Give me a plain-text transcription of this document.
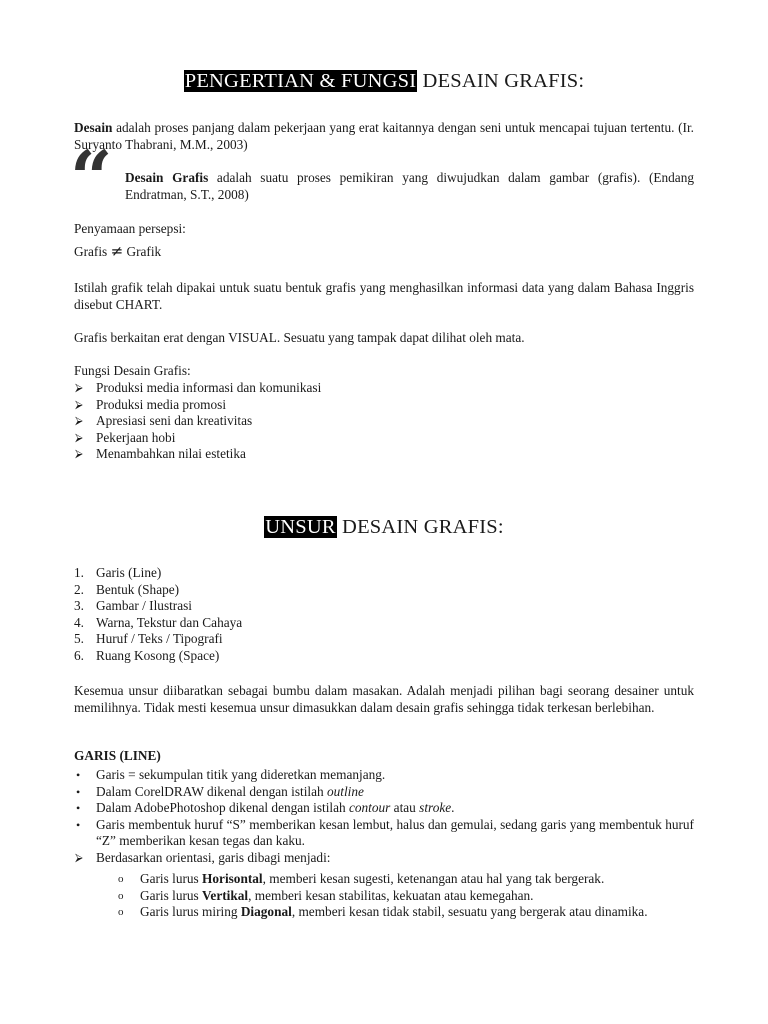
PENGERTIAN & FUNGSI DESAIN GRAFIS:

Desain adalah proses panjang dalam pekerjaan yang erat kaitannya dengan seni untuk mencapai tujuan tertentu. (Ir. Suryanto Thabrani, M.M., 2003)

“ Desain Grafis adalah suatu proses pemikiran yang diwujudkan dalam gambar (grafis). (Endang Endratman, S.T., 2008)

Penyamaan persepsi:

Grafis ≠ Grafik

Istilah grafik telah dipakai untuk suatu bentuk grafis yang menghasilkan informasi data yang dalam Bahasa Inggris disebut CHART.

Grafis berkaitan erat dengan VISUAL. Sesuatu yang tampak dapat dilihat oleh mata.

Fungsi Desain Grafis:

⮚ Produksi media informasi dan komunikasi
⮚ Produksi media promosi
⮚ Apresiasi seni dan kreativitas
⮚ Pekerjaan hobi
⮚ Menambahkan nilai estetika
UNSUR DESAIN GRAFIS:
1. Garis (Line)
2. Bentuk (Shape)
3. Gambar / Ilustrasi
4. Warna, Tekstur dan Cahaya
5. Huruf / Teks / Tipografi
6. Ruang Kosong (Space)

Kesemua unsur diibaratkan sebagai bumbu dalam masakan. Adalah menjadi pilihan bagi seorang desainer untuk memilihnya. Tidak mesti kesemua unsur dimasukkan dalam desain grafis sehingga tidak terkesan berlebihan.

GARIS (LINE)

• Garis = sekumpulan titik yang dideretkan memanjang.
• Dalam CorelDRAW dikenal dengan istilah outline
• Dalam AdobePhotoshop dikenal dengan istilah contour atau stroke.
• Garis membentuk huruf “S” memberikan kesan lembut, halus dan gemulai, sedang garis yang membentuk huruf “Z” memberikan kesan tegas dan kaku.
⮚ Berdasarkan orientasi, garis dibagi menjadi:
o Garis lurus Horisontal, memberi kesan sugesti, ketenangan atau hal yang tak bergerak.
o Garis lurus Vertikal, memberi kesan stabilitas, kekuatan atau kemegahan.
o Garis lurus miring Diagonal, memberi kesan tidak stabil, sesuatu yang bergerak atau dinamika.
